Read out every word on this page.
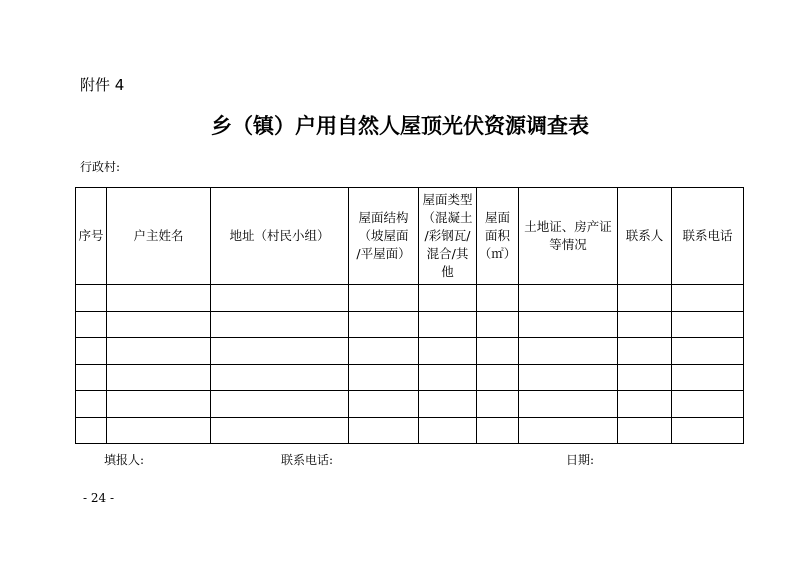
附件 4
乡（镇）户用自然人屋顶光伏资源调查表
行政村:
序号	户主姓名	地址（村民小组）	屋面结构
（坡屋面
/平屋面）	屋面类型
（混凝土
/彩钢瓦/
混合/其
他	屋面
面积
（㎡）	土地证、房产证
等情况	联系人	联系电话

填报人:	联系电话:	日期:
- 24 -
